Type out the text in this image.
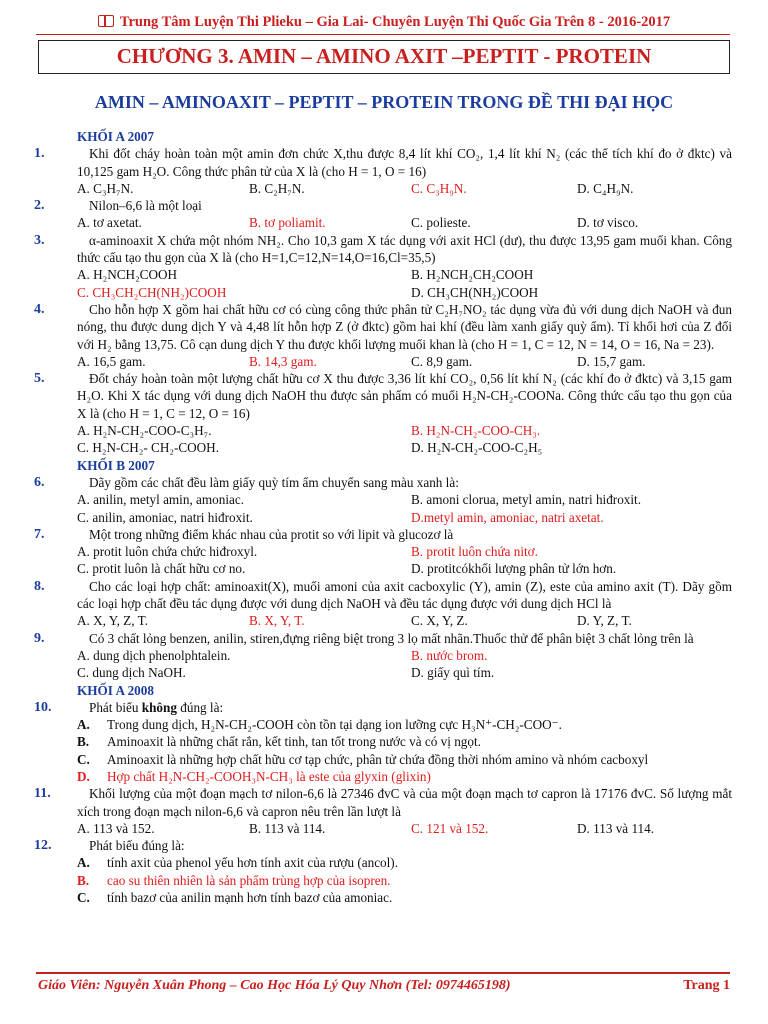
Trung Tâm Luyện Thi Plieku – Gia Lai- Chuyên Luyện Thi Quốc Gia Trên 8 - 2016-2017
CHƯƠNG 3. AMIN – AMINO AXIT –PEPTIT - PROTEIN
AMIN – AMINOAXIT – PEPTIT – PROTEIN TRONG ĐỀ THI ĐẠI HỌC
KHỐI A 2007
1.	Khi đốt cháy hoàn toàn một amin đơn chức X,thu được 8,4 lít khí CO₂, 1,4 lít khí N₂ (các thể tích khí đo ở đktc) và 10,125 gam H₂O. Công thức phân tử của X là (cho H = 1, O = 16)
A. C₃H₇N.	B. C₂H₇N.	C. C₃H₉N.	D. C₄H₉N.
2.	Nilon–6,6 là một loại
A. tơ axetat.	B. tơ poliamit.	C. polieste.	D. tơ visco.
3.	α-aminoaxit X chứa một nhóm NH₂. Cho 10,3 gam X tác dụng với axit HCl (dư), thu được 13,95 gam muối khan. Công thức cấu tạo thu gọn của X là (cho H=1,C=12,N=14,O=16,Cl=35,5)
A. H₂NCH₂COOH	B. H₂NCH₂CH₂COOH
C. CH₃CH₂CH(NH₂)COOH	D. CH₃CH(NH₂)COOH
4.	Cho hỗn hợp X gồm hai chất hữu cơ có cùng công thức phân tử C₂H₇NO₂ tác dụng vừa đủ với dung dịch NaOH và đun nóng, thu được dung dịch Y và 4,48 lít hỗn hợp Z (ở đktc) gồm hai khí (đều làm xanh giấy quỳ ẩm). Tỉ khối hơi của Z đối với H₂ bằng 13,75. Cô cạn dung dịch Y thu được khối lượng muối khan là (cho H = 1, C = 12, N = 14, O = 16, Na = 23).
A. 16,5 gam.	B. 14,3 gam.	C. 8,9 gam.	D. 15,7 gam.
5.	Đốt cháy hoàn toàn một lượng chất hữu cơ X thu được 3,36 lít khí CO₂, 0,56 lít khí N₂ (các khí đo ở đktc) và 3,15 gam H₂O. Khi X tác dụng với dung dịch NaOH thu được sản phẩm có muối H₂N-CH₂-COONa. Công thức cấu tạo thu gọn của X là (cho H = 1, C = 12, O = 16)
A. H₂N-CH₂-COO-C₃H₇.	B. H₂N-CH₂-COO-CH₃.
C. H₂N-CH₂- CH₂-COOH.	D. H₂N-CH₂-COO-C₂H₅
KHỐI B 2007
6.	Dãy gồm các chất đều làm giấy quỳ tím ẩm chuyển sang màu xanh là:
A. anilin, metyl amin, amoniac.	B. amoni clorua, metyl amin, natri hiđroxit.
C. anilin, amoniac, natri hiđroxit.	D.metyl amin, amoniac, natri axetat.
7.	Một trong những điểm khác nhau của protit so với lipit và glucozơ là
A. protit luôn chứa chức hiđroxyl.	B. protit luôn chứa nitơ.
C. protit luôn là chất hữu cơ no.	D. protitcókhối lượng phân tử lớn hơn.
8.	Cho các loại hợp chất: aminoaxit(X), muối amoni của axit cacboxylic (Y), amin (Z), este của amino axit (T). Dãy gồm các loại hợp chất đều tác dụng được với dung dịch NaOH và đều tác dụng được với dung dịch HCl là
A. X, Y, Z, T.	B. X, Y, T.	C. X, Y, Z.	D. Y, Z, T.
9.	Có 3 chất lỏng benzen, anilin, stiren,đựng riêng biệt trong 3 lọ mất nhãn.Thuốc thử để phân biệt 3 chất lỏng trên là
A. dung dịch phenolphtalein.	B. nước brom.
C. dung dịch NaOH.	D. giấy quì tím.
KHỐI A 2008
10.	Phát biểu không đúng là:
A. Trong dung dịch, H₂N-CH₂-COOH còn tồn tại dạng ion lưỡng cực H₃N⁺-CH₂-COO⁻.
B. Aminoaxit là những chất rắn, kết tinh, tan tốt trong nước và có vị ngọt.
C. Aminoaxit là những hợp chất hữu cơ tạp chức, phân tử chứa đồng thời nhóm amino và nhóm cacboxyl
D. Hợp chất H₂N-CH₂-COOH₃N-CH₃ là este của glyxin (glixin)
11.	Khối lượng của một đoạn mạch tơ nilon-6,6 là 27346 đvC và của một đoạn mạch tơ capron là 17176 đvC. Số lượng mắt xích trong đoạn mạch nilon-6,6 và capron nêu trên lần lượt là
A. 113 và 152.	B. 113 và 114.	C. 121 và 152.	D. 113 và 114.
12.	Phát biểu đúng là:
A. tính axit của phenol yếu hơn tính axit của rượu (ancol).
B. cao su thiên nhiên là sản phẩm trùng hợp của isopren.
C. tính bazơ của anilin mạnh hơn tính bazơ của amoniac.
Giáo Viên: Nguyễn Xuân Phong – Cao Học Hóa Lý Quy Nhơn (Tel: 0974465198)	Trang 1
